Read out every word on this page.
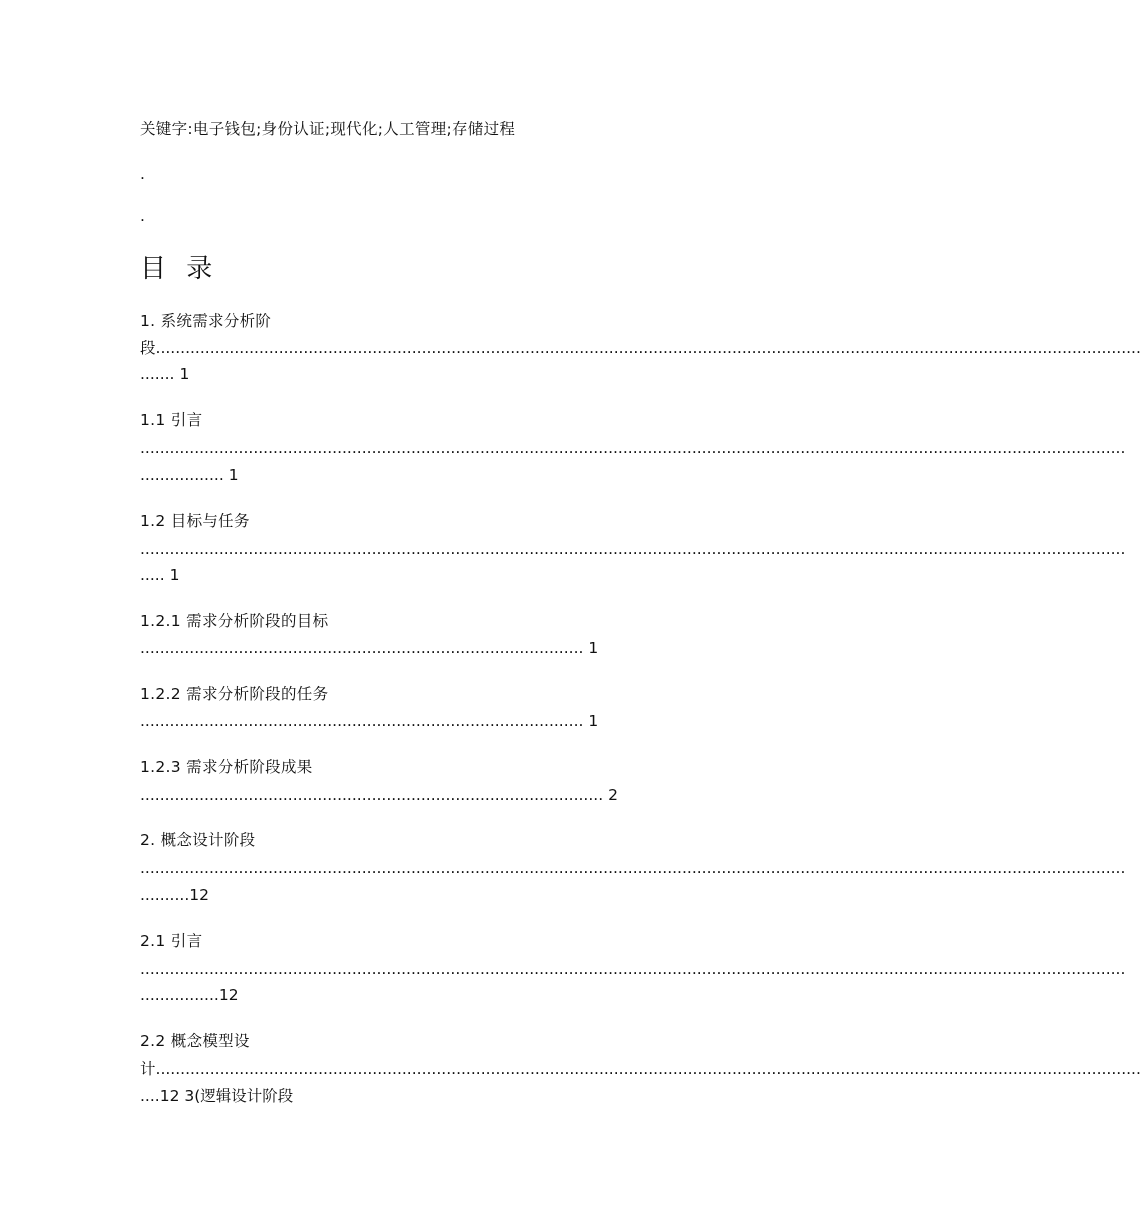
关键字:电子钱包;身份认证;现代化;人工管理;存储过程
.
.
目 录
1. 系统需求分析阶
段........................................................................................................................................................................................................
....... 1
1.1 引言
........................................................................................................................................................................................................
................. 1
1.2 目标与任务
........................................................................................................................................................................................................
..... 1
1.2.1 需求分析阶段的目标
.......................................................................................... 1
1.2.2 需求分析阶段的任务
.......................................................................................... 1
1.2.3 需求分析阶段成果
.............................................................................................. 2
2. 概念设计阶段
........................................................................................................................................................................................................
..........12
2.1 引言
........................................................................................................................................................................................................
................12
2.2 概念模型设
计........................................................................................................................................................................................................
....12 3(逻辑设计阶段
